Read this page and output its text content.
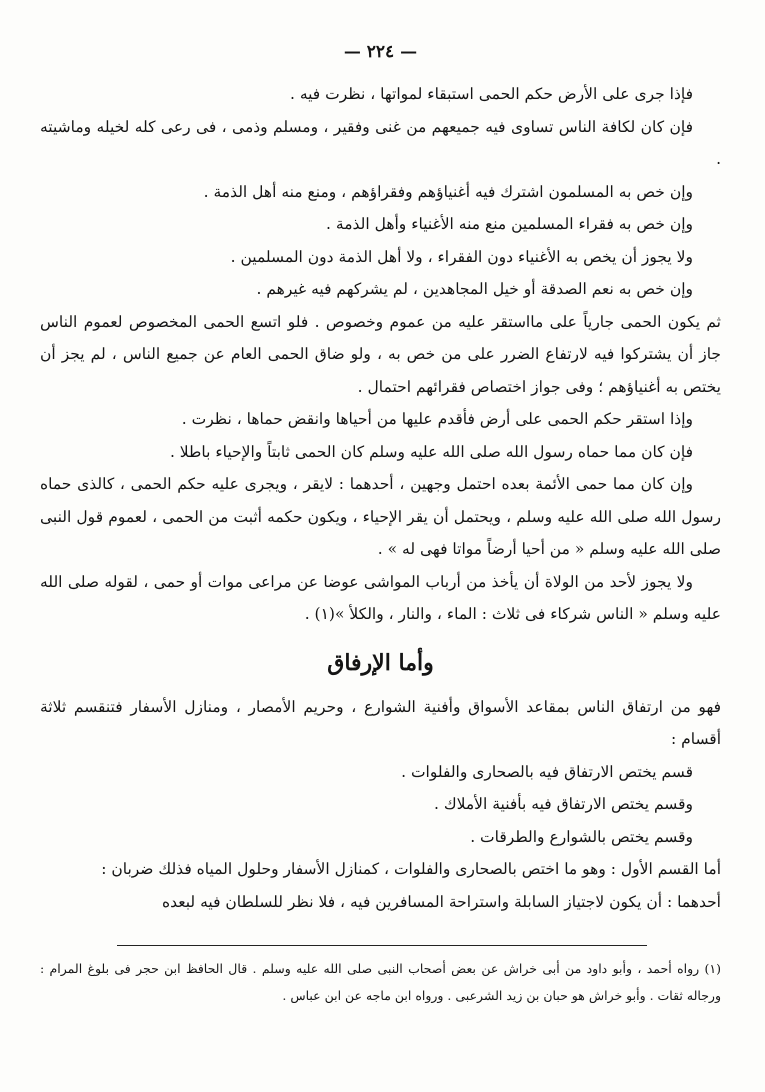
— ٢٢٤ —

فإذا جرى على الأرض حكم الحمى استبقاء لمواتها ، نظرت فيه .

فإن كان لكافة الناس تساوى فيه جميعهم من غنى وفقير ، ومسلم وذمى ، فى رعى كله لخيله وماشيته .

وإن خص به المسلمون اشترك فيه أغنياؤهم وفقراؤهم ، ومنع منه أهل الذمة .

وإن خص به فقراء المسلمين منع منه الأغنياء وأهل الذمة .

ولا يجوز أن يخص به الأغنياء دون الفقراء ، ولا أهل الذمة دون المسلمين .

وإن خص به نعم الصدقة أو خيل المجاهدين ، لم يشركهم فيه غيرهم .

ثم يكون الحمى جارياً على مااستقر عليه من عموم وخصوص . فلو اتسع الحمى المخصوص لعموم الناس جاز أن يشتركوا فيه لارتفاع الضرر على من خص به ، ولو ضاق الحمى العام عن جميع الناس ، لم يجز أن يختص به أغنياؤهم ؛ وفى جواز اختصاص فقرائهم احتمال .

وإذا استقر حكم الحمى على أرض فأقدم عليها من أحياها وانقض حماها ، نظرت .

فإن كان مما حماه رسول الله صلى الله عليه وسلم كان الحمى ثابتاً والإحياء باطلا .

وإن كان مما حمى الأئمة بعده احتمل وجهين ، أحدهما : لايقر ، ويجرى عليه حكم الحمى ، كالذى حماه رسول الله صلى الله عليه وسلم ، ويحتمل أن يقر الإحياء ، ويكون حكمه أثبت من الحمى ، لعموم قول النبى صلى الله عليه وسلم « من أحيا أرضاً مواتا فهى له » .

ولا يجوز لأحد من الولاة أن يأخذ من أرباب المواشى عوضا عن مراعى موات أو حمى ، لقوله صلى الله عليه وسلم « الناس شركاء فى ثلاث : الماء ، والنار ، والكلأ »(١) .

وأما الإرفاق

فهو من ارتفاق الناس بمقاعد الأسواق وأفنية الشوارع ، وحريم الأمصار ، ومنازل الأسفار فتنقسم ثلاثة أقسام :

قسم يختص الارتفاق فيه بالصحارى والفلوات .

وقسم يختص الارتفاق فيه بأفنية الأملاك .

وقسم يختص بالشوارع والطرقات .

أما القسم الأول : وهو ما اختص بالصحارى والفلوات ، كمنازل الأسفار وحلول المياه فذلك ضربان :

أحدهما : أن يكون لاجتياز السابلة واستراحة المسافرين فيه ، فلا نظر للسلطان فيه لبعده

(١) رواه أحمد ، وأبو داود من أبى خراش عن بعض أصحاب النبى صلى الله عليه وسلم . قال الحافظ ابن حجر فى بلوغ المرام : ورجاله ثقات . وأبو خراش هو حبان بن زيد الشرعبى . ورواه ابن ماجه عن ابن عباس .
